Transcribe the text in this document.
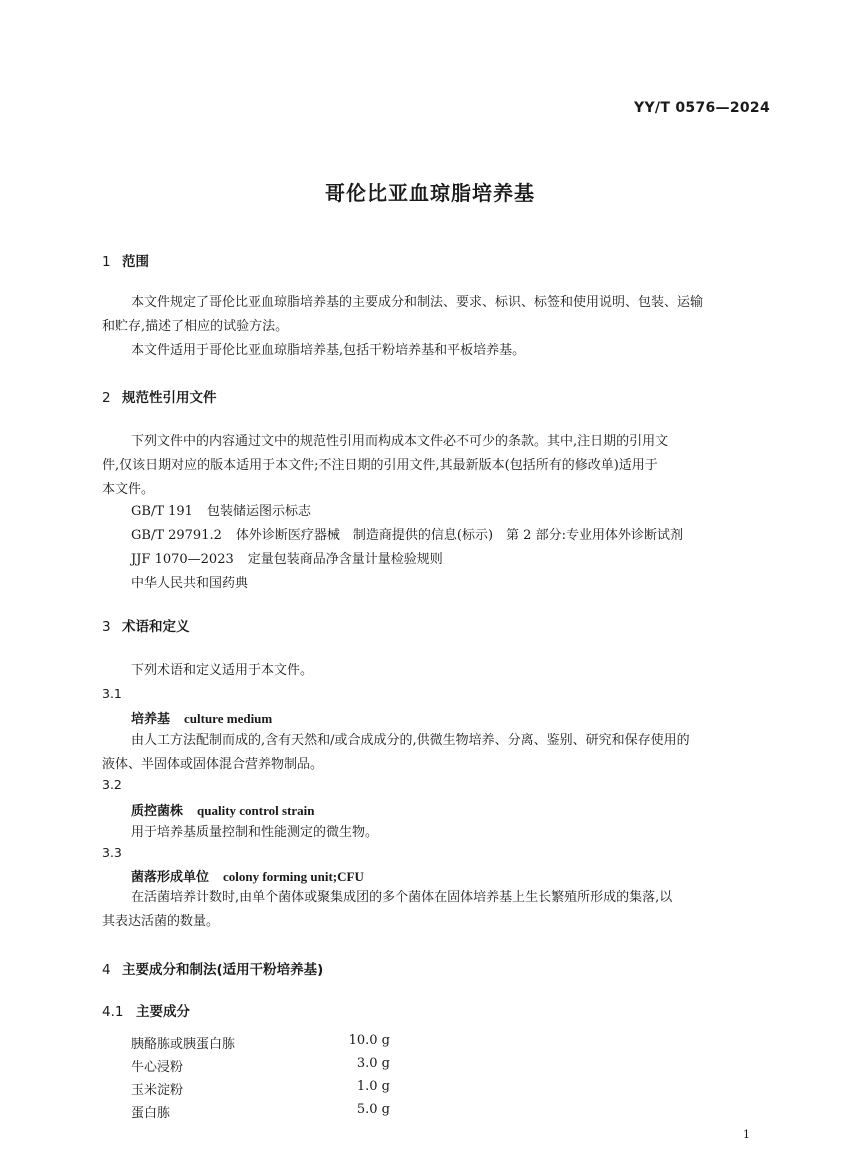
YY/T 0576—2024
哥伦比亚血琼脂培养基
1 范围
本文件规定了哥伦比亚血琼脂培养基的主要成分和制法、要求、标识、标签和使用说明、包装、运输
和贮存,描述了相应的试验方法。
本文件适用于哥伦比亚血琼脂培养基,包括干粉培养基和平板培养基。
2 规范性引用文件
下列文件中的内容通过文中的规范性引用而构成本文件必不可少的条款。其中,注日期的引用文
件,仅该日期对应的版本适用于本文件;不注日期的引用文件,其最新版本(包括所有的修改单)适用于
本文件。
GB/T 191 包装储运图示标志
GB/T 29791.2 体外诊断医疗器械　制造商提供的信息(标示)　第 2 部分:专业用体外诊断试剂
JJF 1070—2023 定量包装商品净含量计量检验规则
中华人民共和国药典
3 术语和定义
下列术语和定义适用于本文件。
3.1
培养基 culture medium
由人工方法配制而成的,含有天然和/或合成成分的,供微生物培养、分离、鉴别、研究和保存使用的
液体、半固体或固体混合营养物制品。
3.2
质控菌株 quality control strain
用于培养基质量控制和性能测定的微生物。
3.3
菌落形成单位 colony forming unit;CFU
在活菌培养计数时,由单个菌体或聚集成团的多个菌体在固体培养基上生长繁殖所形成的集落,以
其表达活菌的数量。
4 主要成分和制法(适用干粉培养基)
4.1 主要成分
胰酪胨或胰蛋白胨	10.0 g
牛心浸粉	3.0 g
玉米淀粉	1.0 g
蛋白胨	5.0 g
1
